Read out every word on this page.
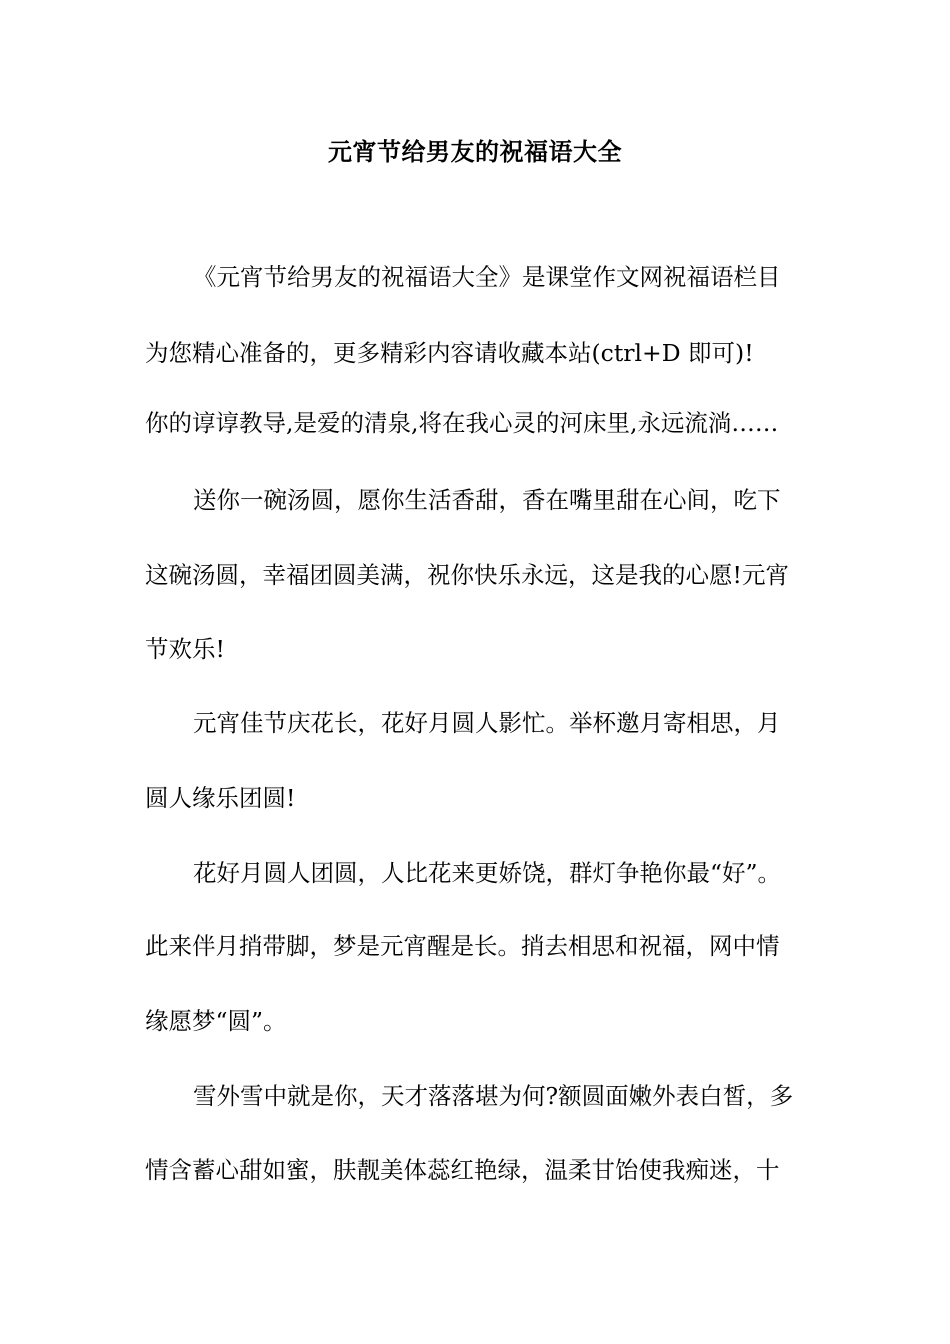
元宵节给男友的祝福语大全
《元宵节给男友的祝福语大全》是课堂作文网祝福语栏目
为您精心准备的，更多精彩内容请收藏本站(ctrl+D 即可)!
你的谆谆教导,是爱的清泉,将在我心灵的河床里,永远流淌……
送你一碗汤圆，愿你生活香甜，香在嘴里甜在心间，吃下
这碗汤圆，幸福团圆美满，祝你快乐永远，这是我的心愿!元宵
节欢乐!
元宵佳节庆花长，花好月圆人影忙。举杯邀月寄相思，月
圆人缘乐团圆!
花好月圆人团圆，人比花来更娇饶，群灯争艳你最“好”。
此来伴月捎带脚，梦是元宵醒是长。捎去相思和祝福，网中情
缘愿梦“圆”。
雪外雪中就是你，天才落落堪为何?额圆面嫩外表白皙，多
情含蓄心甜如蜜，肤靓美体蕊红艳绿，温柔甘饴使我痴迷，十
